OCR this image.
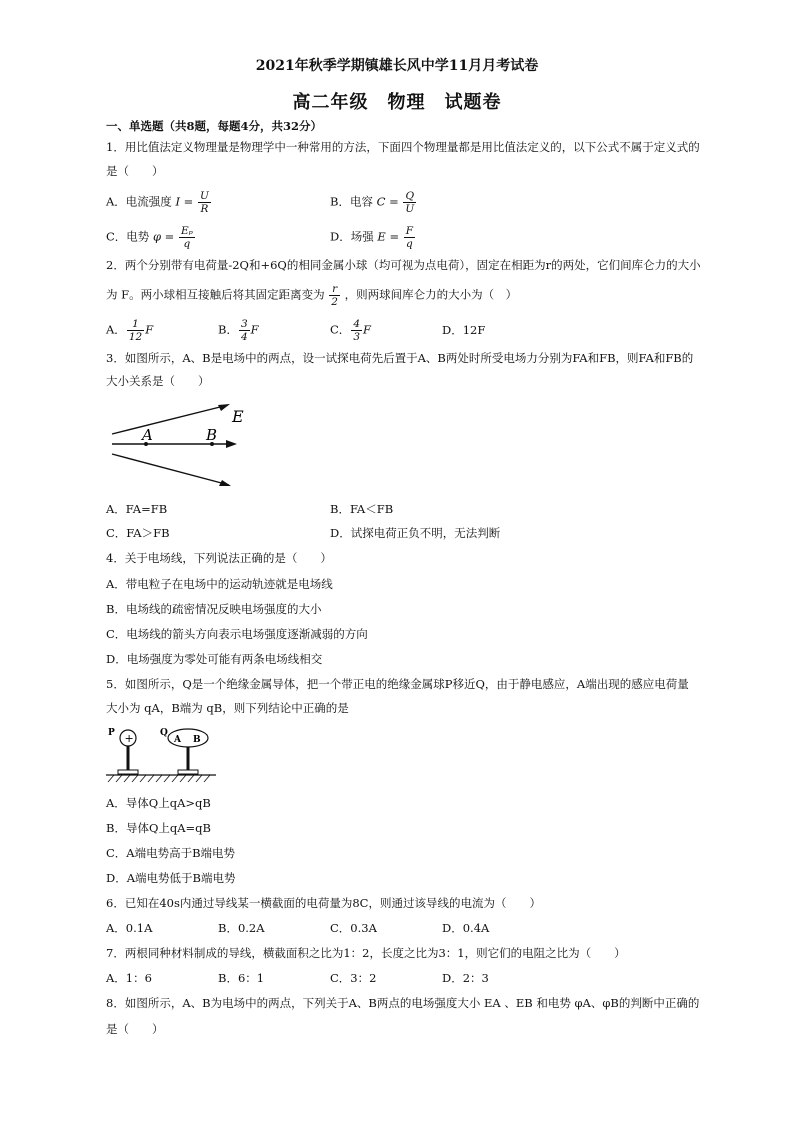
2021年秋季学期镇雄长风中学11月月考试卷
高二年级　物理　试题卷
一、单选题（共8题，每题4分，共32分）
1．用比值法定义物理量是物理学中一种常用的方法，下面四个物理量都是用比值法定义的，以下公式不属于定义式的
是（　　）
A．电流强度 $I = \frac{U}{R}$	B．电容 $C = \frac{Q}{U}$
C．电势 $\varphi = \frac{\text{Eₚ}}{q}$	D．场强 $E = \frac{F}{q}$
2．两个分别带有电荷量-2Q和+6Q的相同金属小球（均可视为点电荷），固定在相距为r的两处，它们间库仑力的大小
为 F。两小球相互接触后将其固定距离变为 $\frac{r}{2}$ ，则两球间库仑力的大小为（　）
A． $\frac{1}{12}$ F	B． $\frac{3}{4}$ F	C． $\frac{4}{3}$ F	D．12F
3．如图所示，A、B是电场中的两点，设一试探电荷先后置于A、B两处时所受电场力分别为FA和FB，则FA和FB的
大小关系是（　　）
A	B
E
A．FA=FB	B．FA＜FB
C．FA＞FB	D．试探电荷正负不明，无法判断
4．关于电场线，下列说法正确的是（　　）
A．带电粒子在电场中的运动轨迹就是电场线
B．电场线的疏密情况反映电场强度的大小
C．电场线的箭头方向表示电场强度逐渐减弱的方向
D．电场强度为零处可能有两条电场线相交
5．如图所示，Q是一个绝缘金属导体，把一个带正电的绝缘金属球P移近Q，由于静电感应，A端出现的感应电荷量
大小为 qA，B端为 qB，则下列结论中正确的是
P	Q
+	A B
A．导体Q上qA>qB
B．导体Q上qA=qB
C．A端电势高于B端电势
D．A端电势低于B端电势
6．已知在40s内通过导线某一横截面的电荷量为8C，则通过该导线的电流为（　　）
A．0.1A	B．0.2A	C．0.3A	D．0.4A
7．两根同种材料制成的导线，横截面积之比为1：2，长度之比为3：1，则它们的电阻之比为（　　）
A．1：6	B．6：1	C．3：2	D．2：3
8．如图所示，A、B为电场中的两点，下列关于A、B两点的电场强度大小 EA 、EB 和电势 φA、φB的判断中正确的
是（　　）
